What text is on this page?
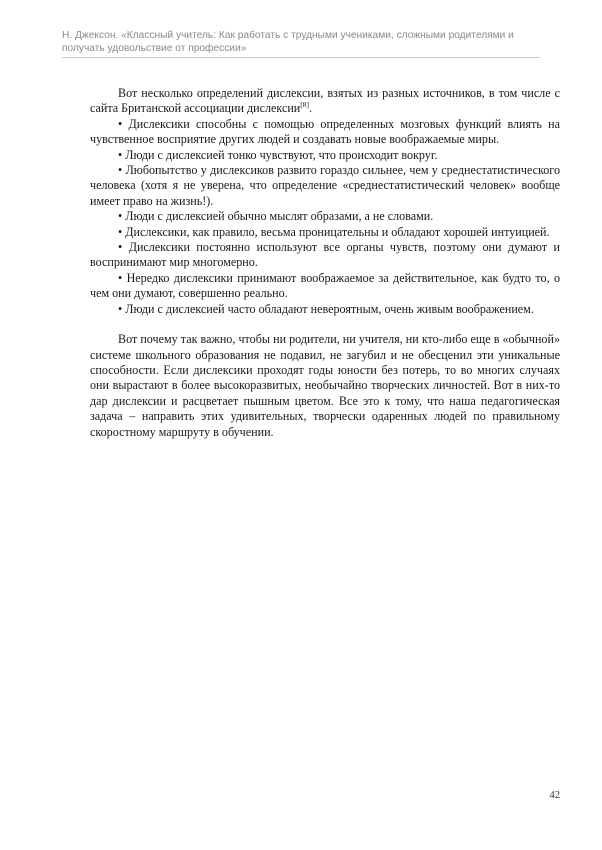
Н. Джексон. «Классный учитель: Как работать с трудными учениками, сложными родителями и получать удовольствие от профессии»

Вот несколько определений дислексии, взятых из разных источников, в том числе с сайта Британской ассоциации дислексии[8].

• Дислексики способны с помощью определенных мозговых функций влиять на чувственное восприятие других людей и создавать новые воображаемые миры.

• Люди с дислексией тонко чувствуют, что происходит вокруг.

• Любопытство у дислексиков развито гораздо сильнее, чем у среднестатистического человека (хотя я не уверена, что определение «среднестатистический человек» вообще имеет право на жизнь!).

• Люди с дислексией обычно мыслят образами, а не словами.

• Дислексики, как правило, весьма проницательны и обладают хорошей интуицией.

• Дислексики постоянно используют все органы чувств, поэтому они думают и воспринимают мир многомерно.

• Нередко дислексики принимают воображаемое за действительное, как будто то, о чем они думают, совершенно реально.

• Люди с дислексией часто обладают невероятным, очень живым воображением.

Вот почему так важно, чтобы ни родители, ни учителя, ни кто-либо еще в «обычной» системе школьного образования не подавил, не загубил и не обесценил эти уникальные способности. Если дислексики проходят годы юности без потерь, то во многих случаях они вырастают в более высокоразвитых, необычайно творческих личностей. Вот в них-то дар дислексии и расцветает пышным цветом. Все это к тому, что наша педагогическая задача – направить этих удивительных, творчески одаренных людей по правильному скоростному маршруту в обучении.

42
